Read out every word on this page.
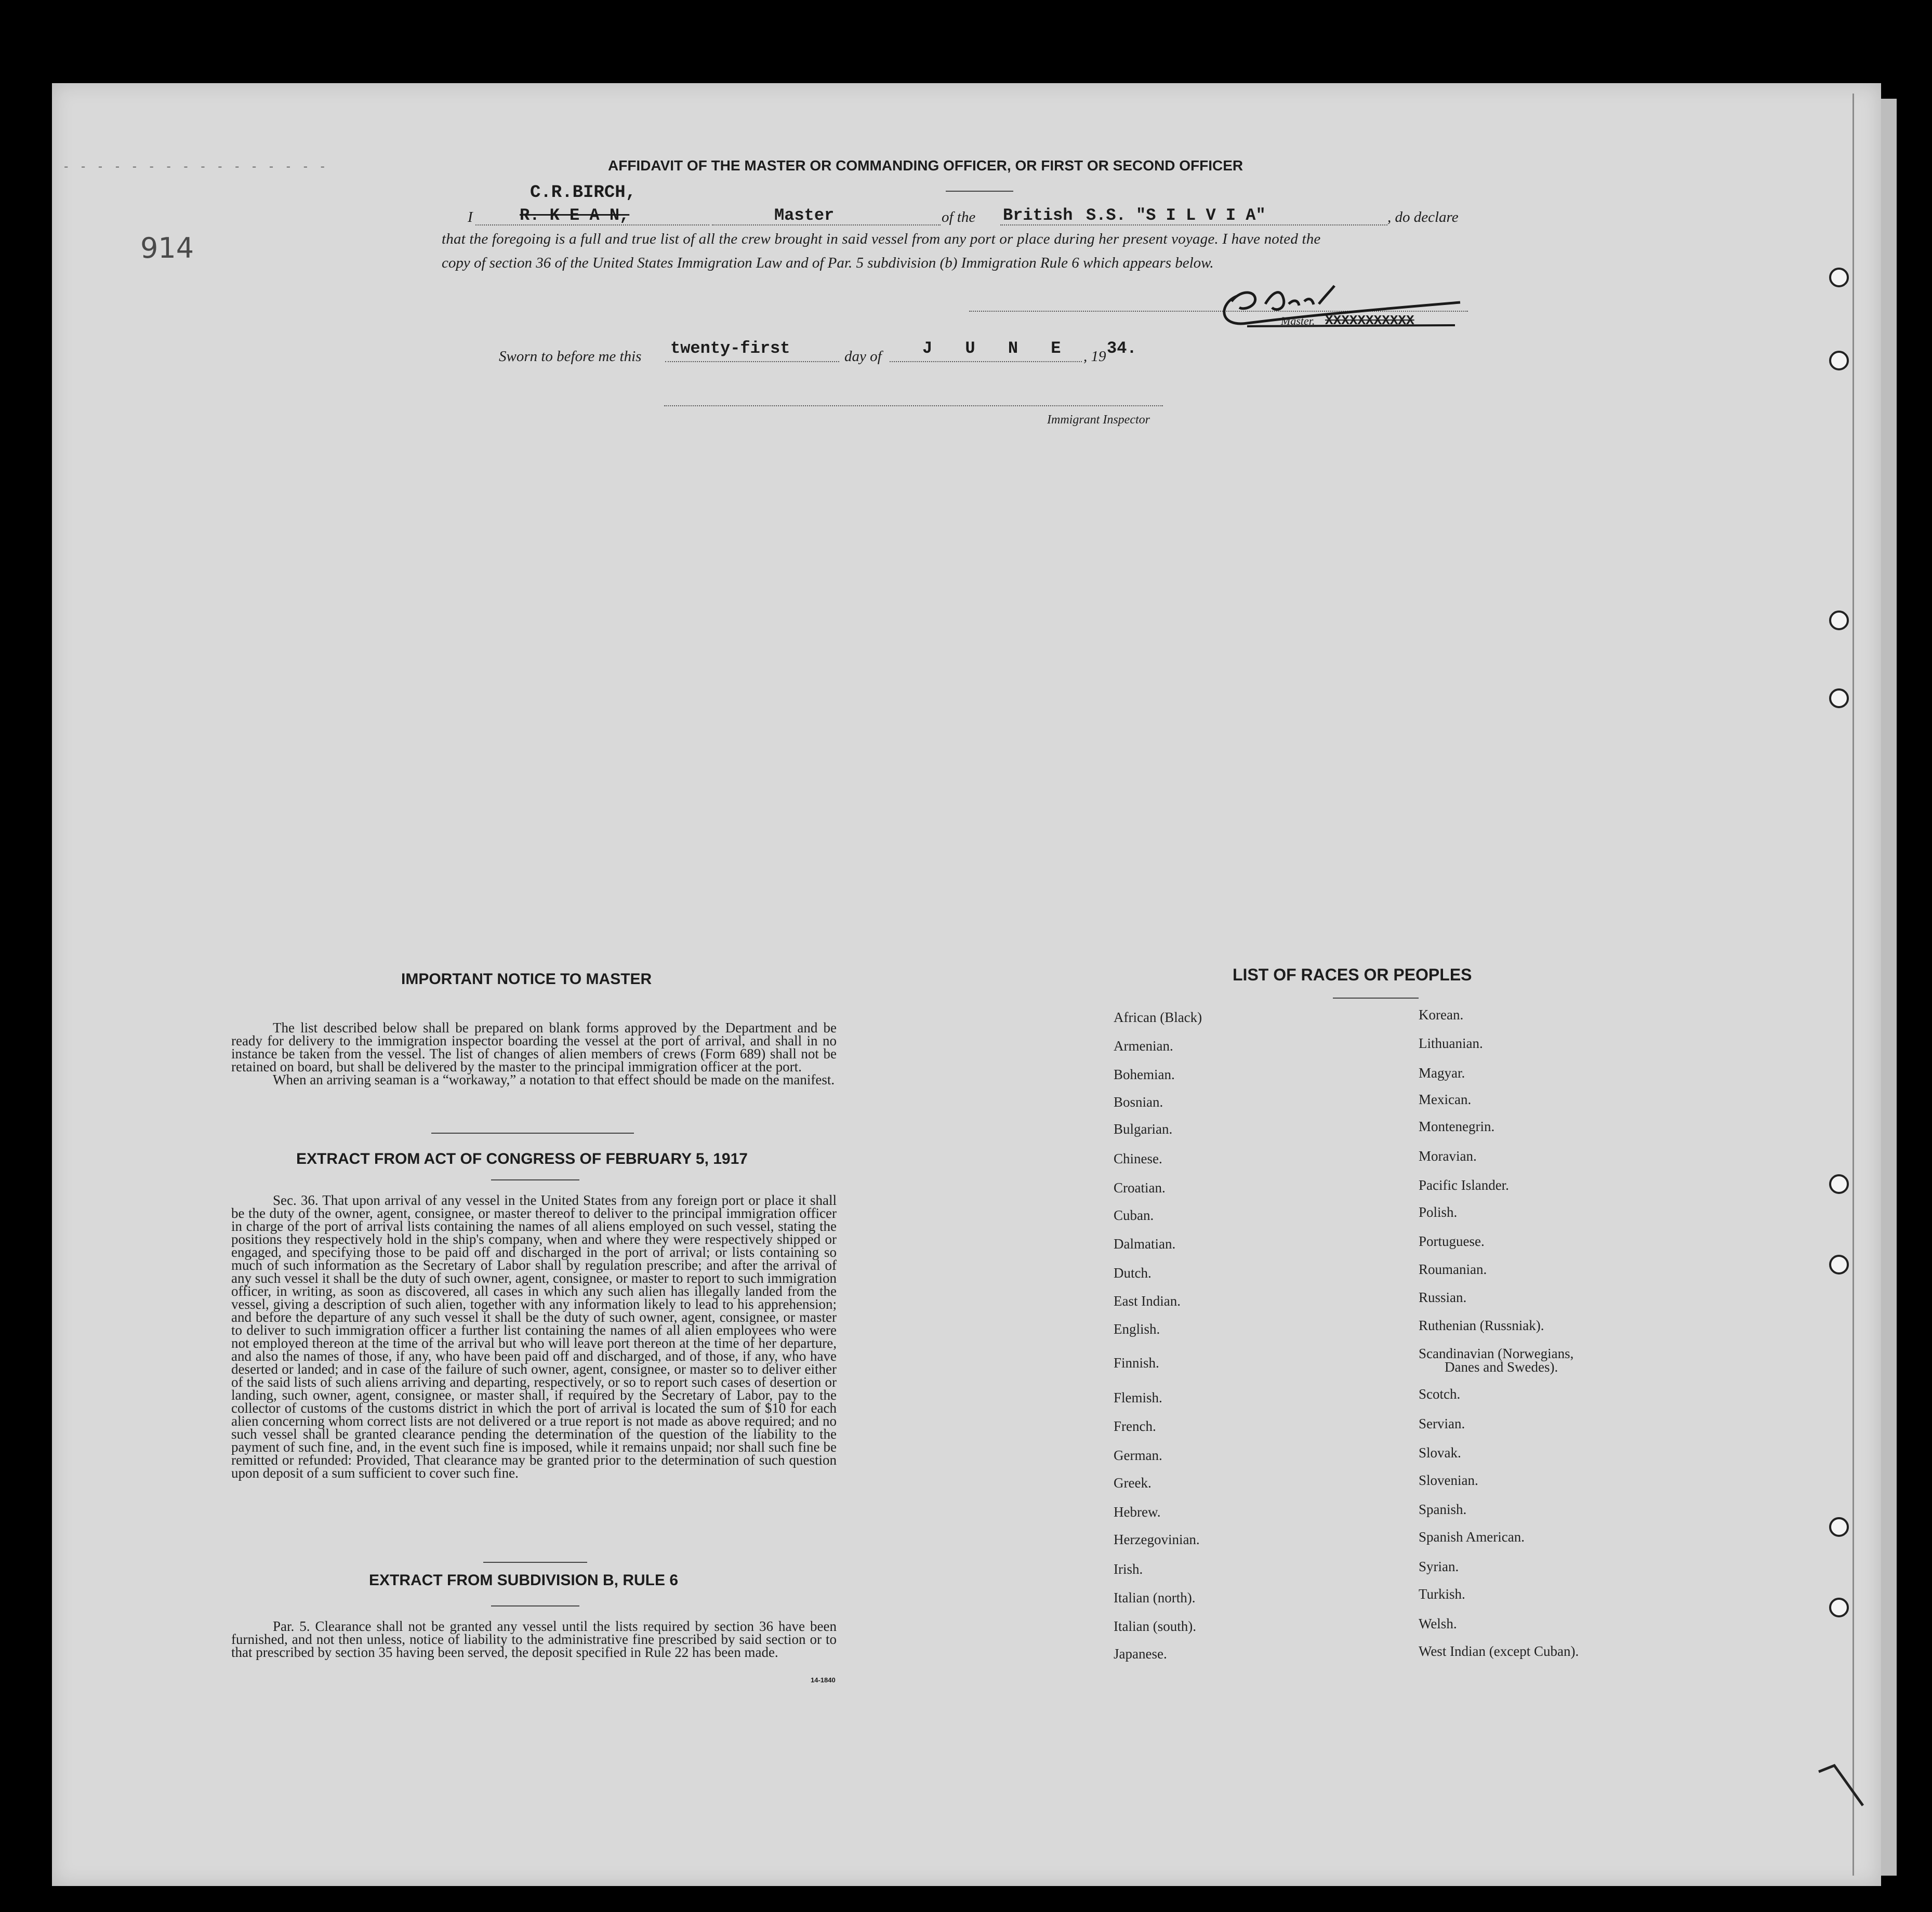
- - - - - - - - - - - - - - - -
914
AFFIDAVIT OF THE MASTER OR COMMANDING OFFICER, OR FIRST OR SECOND OFFICER
C.R.BIRCH,
I	R. K E A N,	Master	of the British S.S. "S I L V I A"	, do declare
that the foregoing is a full and true list of all the crew brought in said vessel from any port or place during her present voyage. I have noted the
copy of section 36 of the United States Immigration Law and of Par. 5 subdivision (b) Immigration Rule 6 which appears below.
Master. XXXXXXXXXXX
Sworn to before me this twenty-first	day of J U N E , 19 34.
Immigrant Inspector
IMPORTANT NOTICE TO MASTER

The list described below shall be prepared on blank forms approved by the Department and be ready for delivery to the immigration inspector boarding the vessel at the port of arrival, and shall in no instance be taken from the vessel. The list of changes of alien members of crews (Form 689) shall not be retained on board, but shall be delivered by the master to the principal immigration officer at the port.

When an arriving seaman is a “workaway,” a notation to that effect should be made on the manifest.

EXTRACT FROM ACT OF CONGRESS OF FEBRUARY 5, 1917

Sec. 36. That upon arrival of any vessel in the United States from any foreign port or place it shall be the duty of the owner, agent, consignee, or master thereof to deliver to the principal immigration officer in charge of the port of arrival lists containing the names of all aliens employed on such vessel, stating the positions they respectively hold in the ship's company, when and where they were respectively shipped or engaged, and specifying those to be paid off and discharged in the port of arrival; or lists containing so much of such information as the Secretary of Labor shall by regulation prescribe; and after the arrival of any such vessel it shall be the duty of such owner, agent, consignee, or master to report to such immigration officer, in writing, as soon as discovered, all cases in which any such alien has illegally landed from the vessel, giving a description of such alien, together with any information likely to lead to his apprehension; and before the departure of any such vessel it shall be the duty of such owner, agent, consignee, or master to deliver to such immigration officer a further list containing the names of all alien employees who were not employed thereon at the time of the arrival but who will leave port thereon at the time of her departure, and also the names of those, if any, who have been paid off and discharged, and of those, if any, who have deserted or landed; and in case of the failure of such owner, agent, consignee, or master so to deliver either of the said lists of such aliens arriving and departing, respectively, or so to report such cases of desertion or landing, such owner, agent, consignee, or master shall, if required by the Secretary of Labor, pay to the collector of customs of the customs district in which the port of arrival is located the sum of $10 for each alien concerning whom correct lists are not delivered or a true report is not made as above required; and no such vessel shall be granted clearance pending the determination of the question of the liability to the payment of such fine, and, in the event such fine is imposed, while it remains unpaid; nor shall such fine be remitted or refunded: Provided, That clearance may be granted prior to the determination of such question upon deposit of a sum sufficient to cover such fine.

EXTRACT FROM SUBDIVISION B, RULE 6

Par. 5. Clearance shall not be granted any vessel until the lists required by section 36 have been furnished, and not then unless, notice of liability to the administrative fine prescribed by said section or to that prescribed by section 35 having been served, the deposit specified in Rule 22 has been made.

14-1840
LIST OF RACES OR PEOPLES
African (Black)
Armenian.
Bohemian.
Bosnian.
Bulgarian.
Chinese.
Croatian.
Cuban.
Dalmatian.
Dutch.
East Indian.
English.
Finnish.
Flemish.
French.
German.
Greek.
Hebrew.
Herzegovinian.
Irish.
Italian (north).
Italian (south).
Japanese.
Korean.
Lithuanian.
Magyar.
Mexican.
Montenegrin.
Moravian.
Pacific Islander.
Polish.
Portuguese.
Roumanian.
Russian.
Ruthenian (Russniak).
Scandinavian (Norwegians,
Danes and Swedes).
Scotch.
Servian.
Slovak.
Slovenian.
Spanish.
Spanish American.
Syrian.
Turkish.
Welsh.
West Indian (except Cuban).
